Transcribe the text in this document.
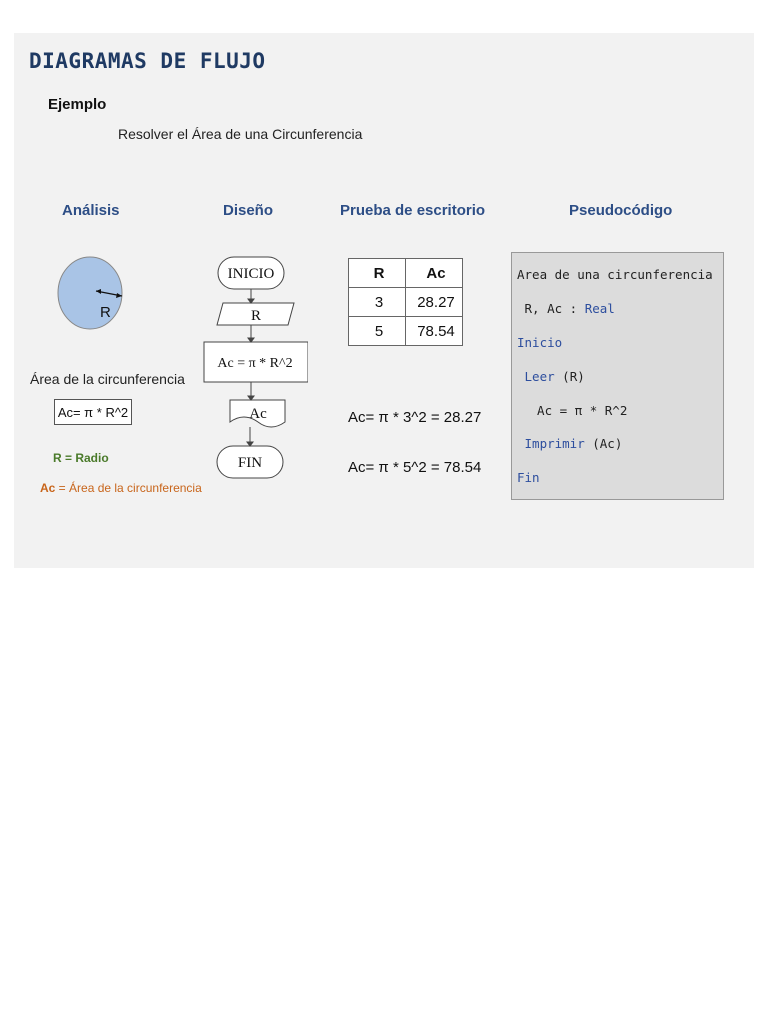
DIAGRAMAS DE FLUJO
Ejemplo
Resolver el Área de una Circunferencia
Análisis	Diseño	Prueba de escritorio	Pseudocódigo
R
Área de la circunferencia
Ac= π * R^2
R = Radio
Ac = Área de la circunferencia
INICIO
R
Ac = π * R^2
Ac
FIN
R	Ac
3	28.27
5	78.54
Ac= π * 3^2 = 28.27
Ac= π * 5^2 = 78.54
Area de una circunferencia
R, Ac : Real
Inicio
Leer (R)
Ac = π * R^2
Imprimir (Ac)
Fin
